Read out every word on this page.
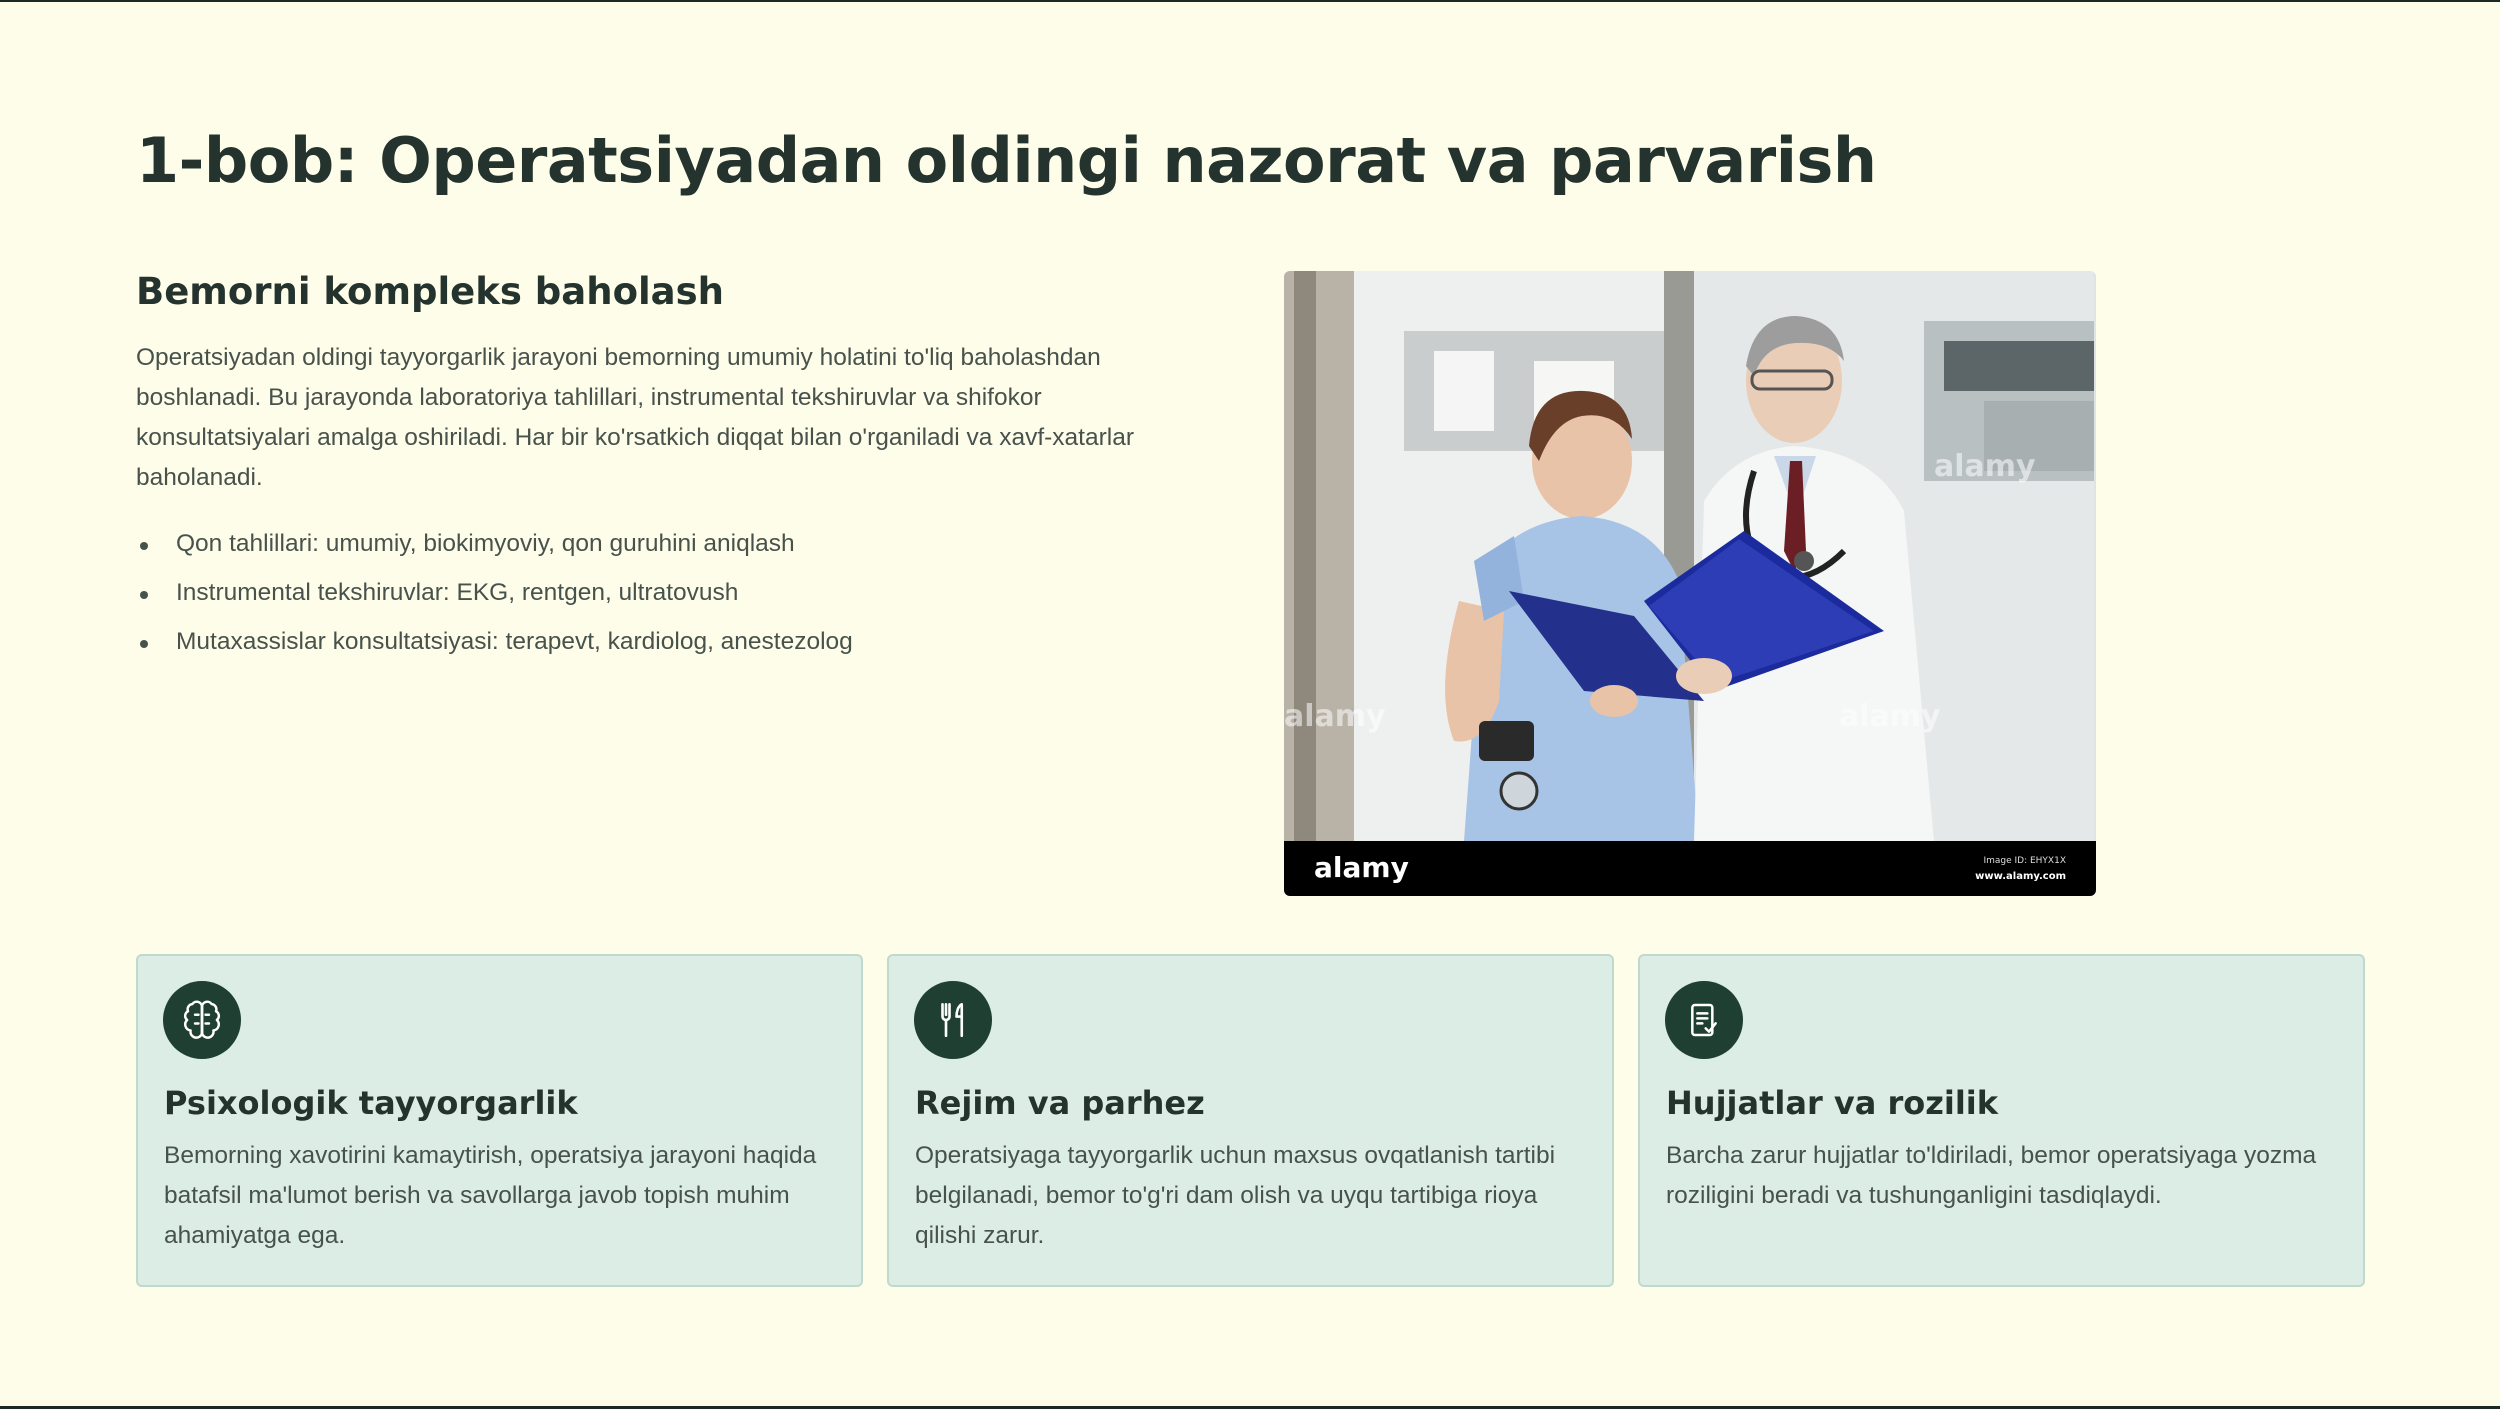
1-bob: Operatsiyadan oldingi nazorat va parvarish
Bemorni kompleks baholash

Operatsiyadan oldingi tayyorgarlik jarayoni bemorning umumiy holatini to'liq baholashdan boshlanadi. Bu jarayonda laboratoriya tahlillari, instrumental tekshiruvlar va shifokor konsultatsiyalari amalga oshiriladi. Har bir ko'rsatkich diqqat bilan o'rganiladi va xavf-xatarlar baholanadi.

Qon tahlillari: umumiy, biokimyoviy, qon guruhini aniqlash
Instrumental tekshiruvlar: EKG, rentgen, ultratovush
Mutaxassislar konsultatsiyasi: terapevt, kardiolog, anestezolog
alamy	alamy
alamy
alamy	Image ID: EHYX1X
www.alamy.com
Psixologik tayyorgarlik
Bemorning xavotirini kamaytirish, operatsiya jarayoni haqida batafsil ma'lumot berish va savollarga javob topish muhim ahamiyatga ega.
Rejim va parhez
Operatsiyaga tayyorgarlik uchun maxsus ovqatlanish tartibi belgilanadi, bemor to'g'ri dam olish va uyqu tartibiga rioya qilishi zarur.
Hujjatlar va rozilik
Barcha zarur hujjatlar to'ldiriladi, bemor operatsiyaga yozma roziligini beradi va tushunganligini tasdiqlaydi.
